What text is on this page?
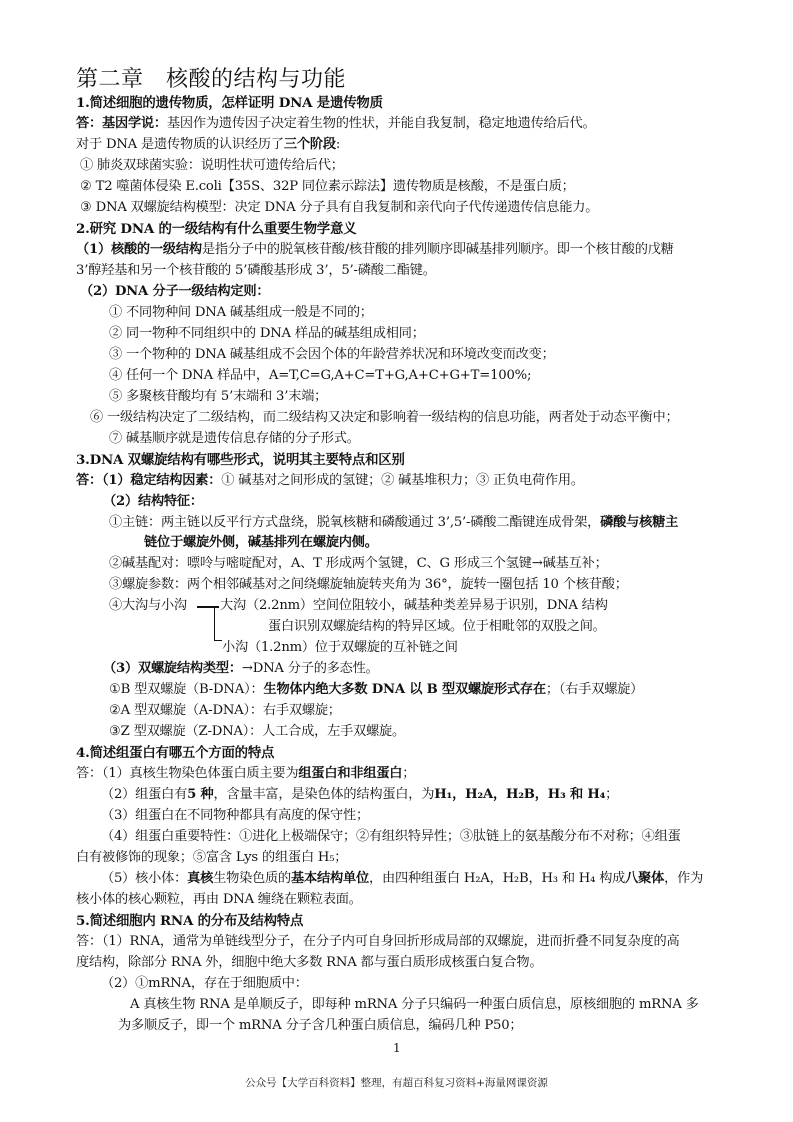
第二章　核酸的结构与功能
1.简述细胞的遗传物质，怎样证明 DNA 是遗传物质
答：基因学说：基因作为遗传因子决定着生物的性状，并能自我复制，稳定地遗传给后代。
对于 DNA 是遗传物质的认识经历了三个阶段:
① 肺炎双球菌实验：说明性状可遗传给后代；
② T2 噬菌体侵染 E.coli【35S、32P 同位素示踪法】遗传物质是核酸，不是蛋白质；
③ DNA 双螺旋结构模型：决定 DNA 分子具有自我复制和亲代向子代传递遗传信息能力。
2.研究 DNA 的一级结构有什么重要生物学意义
（1）核酸的一级结构是指分子中的脱氧核苷酸/核苷酸的排列顺序即碱基排列顺序。即一个核甘酸的戊糖
3’醇羟基和另一个核苷酸的 5’磷酸基形成 3’，5’-磷酸二酯键。
（2）DNA 分子一级结构定则：
① 不同物种间 DNA 碱基组成一般是不同的；
② 同一物种不同组织中的 DNA 样品的碱基组成相同；
③ 一个物种的 DNA 碱基组成不会因个体的年龄营养状况和环境改变而改变；
④ 任何一个 DNA 样品中，A=T,C=G,A+C=T+G,A+C+G+T=100%;
⑤ 多聚核苷酸均有 5’末端和 3’末端；
⑥ 一级结构决定了二级结构，而二级结构又决定和影响着一级结构的信息功能，两者处于动态平衡中；
⑦ 碱基顺序就是遗传信息存储的分子形式。
3.DNA 双螺旋结构有哪些形式，说明其主要特点和区别
答：（1）稳定结构因素：① 碱基对之间形成的氢键；② 碱基堆积力；③ 正负电荷作用。
（2）结构特征：
①主链：两主链以反平行方式盘绕，脱氧核糖和磷酸通过 3’,5’-磷酸二酯键连成骨架，磷酸与核糖主
链位于螺旋外侧，碱基排列在螺旋内侧。
②碱基配对：嘌呤与嘧啶配对，A、T 形成两个氢键，C、G 形成三个氢键→碱基互补；
③螺旋参数：两个相邻碱基对之间绕螺旋轴旋转夹角为 36°，旋转一圈包括 10 个核苷酸；
④大沟与小沟	大沟（2.2nm）空间位阻较小，碱基种类差异易于识别，DNA 结构
蛋白识别双螺旋结构的特异区域。位于相毗邻的双股之间。
小沟（1.2nm）位于双螺旋的互补链之间
（3）双螺旋结构类型：→DNA 分子的多态性。
①B 型双螺旋（B-DNA）：生物体内绝大多数 DNA 以 B 型双螺旋形式存在；（右手双螺旋）
②A 型双螺旋（A-DNA）：右手双螺旋；
③Z 型双螺旋（Z-DNA）：人工合成，左手双螺旋。
4.简述组蛋白有哪五个方面的特点
答：（1）真核生物染色体蛋白质主要为组蛋白和非组蛋白；
（2）组蛋白有5 种，含量丰富，是染色体的结构蛋白，为H₁，H₂A，H₂B，H₃ 和 H₄；
（3）组蛋白在不同物种都具有高度的保守性；
（4）组蛋白重要特性：①进化上极端保守；②有组织特异性；③肽链上的氨基酸分布不对称；④组蛋
白有被修饰的现象；⑤富含 Lys 的组蛋白 H₅；
（5）核小体：真核生物染色质的基本结构单位，由四种组蛋白 H₂A，H₂B，H₃ 和 H₄ 构成八聚体，作为
核小体的核心颗粒，再由 DNA 缠绕在颗粒表面。
5.简述细胞内 RNA 的分布及结构特点
答：（1）RNA，通常为单链线型分子，在分子内可自身回折形成局部的双螺旋，进而折叠不同复杂度的高
度结构，除部分 RNA 外，细胞中绝大多数 RNA 都与蛋白质形成核蛋白复合物。
（2）①mRNA，存在于细胞质中：
A 真核生物 RNA 是单顺反子，即每种 mRNA 分子只编码一种蛋白质信息，原核细胞的 mRNA 多
为多顺反子，即一个 mRNA 分子含几种蛋白质信息，编码几种 P50；
1
公众号【大学百科资料】整理，有超百科复习资料+海量网课资源
